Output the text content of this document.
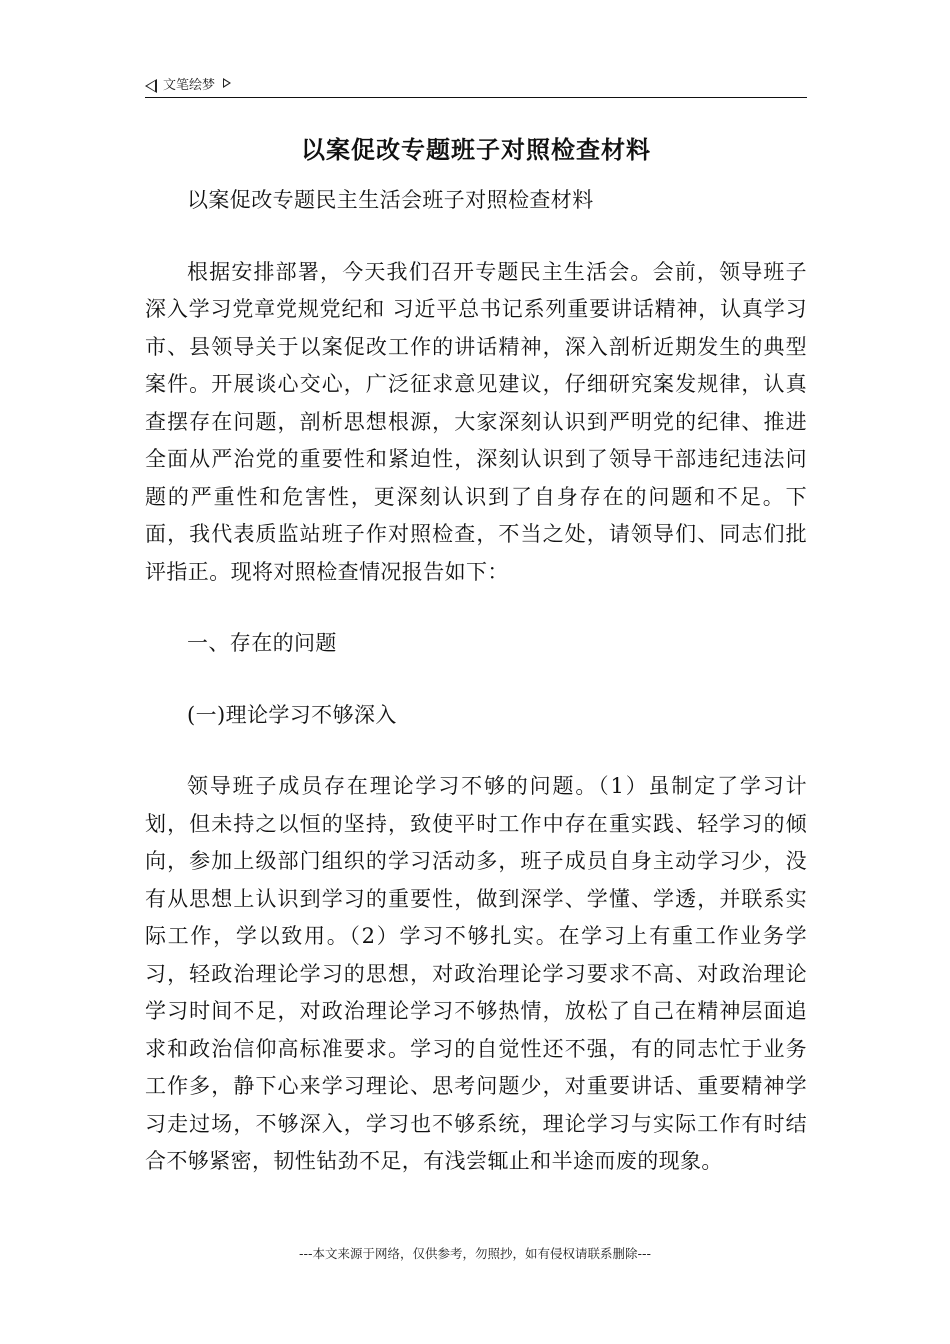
文笔绘梦
以案促改专题班子对照检查材料

以案促改专题民主生活会班子对照检查材料

根据安排部署，今天我们召开专题民主生活会。会前，领导班子深入学习党章党规党纪和 习近平总书记系列重要讲话精神，认真学习市、县领导关于以案促改工作的讲话精神，深入剖析近期发生的典型案件。开展谈心交心，广泛征求意见建议，仔细研究案发规律，认真查摆存在问题，剖析思想根源，大家深刻认识到严明党的纪律、推进全面从严治党的重要性和紧迫性，深刻认识到了领导干部违纪违法问题的严重性和危害性，更深刻认识到了自身存在的问题和不足。下面，我代表质监站班子作对照检查，不当之处，请领导们、同志们批评指正。现将对照检查情况报告如下：

一、存在的问题

(一)理论学习不够深入

领导班子成员存在理论学习不够的问题。（1）虽制定了学习计划，但未持之以恒的坚持，致使平时工作中存在重实践、轻学习的倾向，参加上级部门组织的学习活动多，班子成员自身主动学习少，没有从思想上认识到学习的重要性，做到深学、学懂、学透，并联系实际工作，学以致用。（2）学习不够扎实。在学习上有重工作业务学习，轻政治理论学习的思想，对政治理论学习要求不高、对政治理论学习时间不足，对政治理论学习不够热情，放松了自己在精神层面追求和政治信仰高标准要求。学习的自觉性还不强，有的同志忙于业务工作多，静下心来学习理论、思考问题少，对重要讲话、重要精神学习走过场，不够深入，学习也不够系统，理论学习与实际工作有时结合不够紧密，韧性钻劲不足，有浅尝辄止和半途而废的现象。

---本文来源于网络，仅供参考，勿照抄，如有侵权请联系删除---
